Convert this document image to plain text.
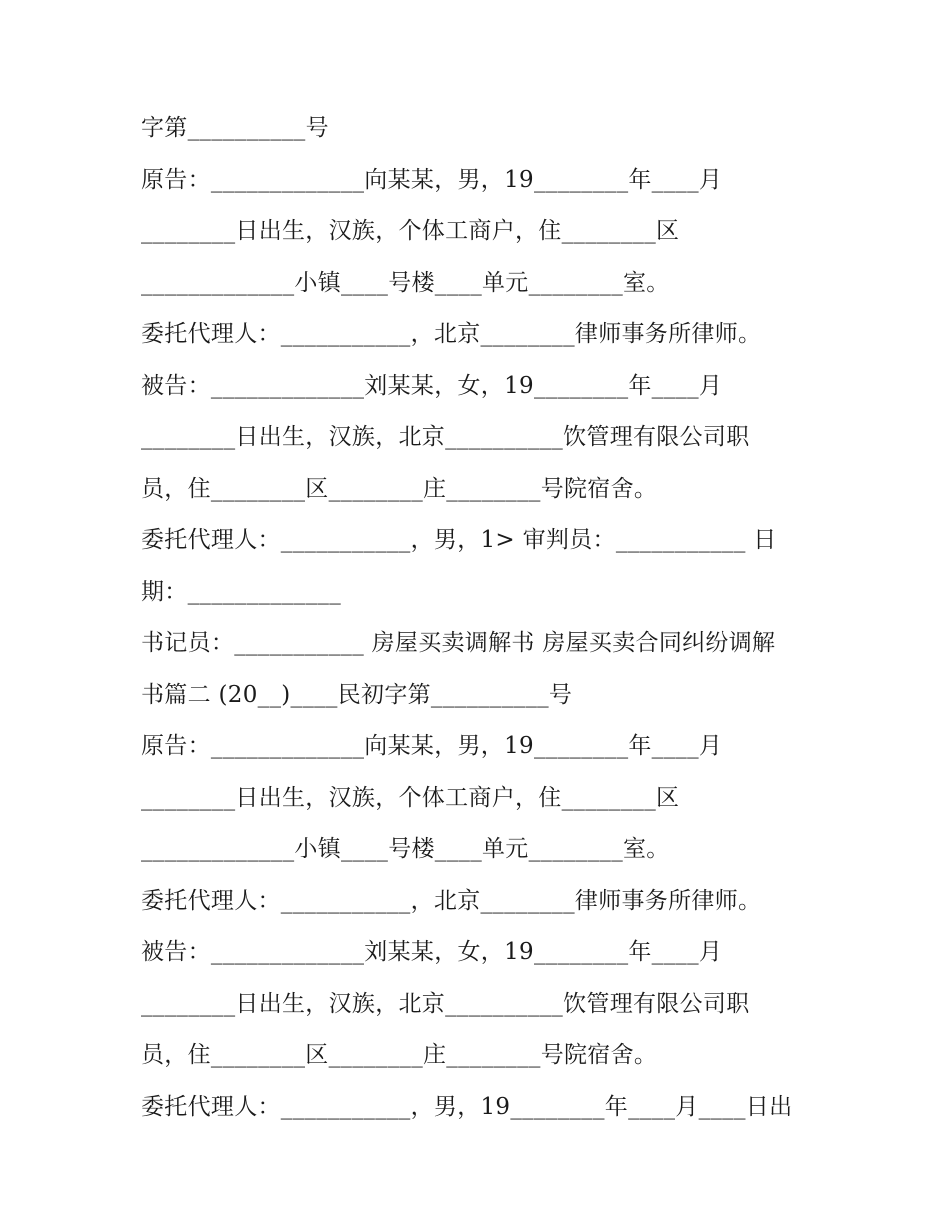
字第__________号
原告：_____________向某某，男，19________年____月
________日出生，汉族，个体工商户，住________区
_____________小镇____号楼____单元________室。
委托代理人：___________，北京________律师事务所律师。
被告：_____________刘某某，女，19________年____月
________日出生，汉族，北京__________饮管理有限公司职
员，住________区________庄________号院宿舍。
委托代理人：___________，男，1> 审判员：___________ 日
期：_____________
书记员：___________ 房屋买卖调解书 房屋买卖合同纠纷调解
书篇二 (20__)____民初字第__________号
原告：_____________向某某，男，19________年____月
________日出生，汉族，个体工商户，住________区
_____________小镇____号楼____单元________室。
委托代理人：___________，北京________律师事务所律师。
被告：_____________刘某某，女，19________年____月
________日出生，汉族，北京__________饮管理有限公司职
员，住________区________庄________号院宿舍。
委托代理人：___________，男，19________年____月____日出
